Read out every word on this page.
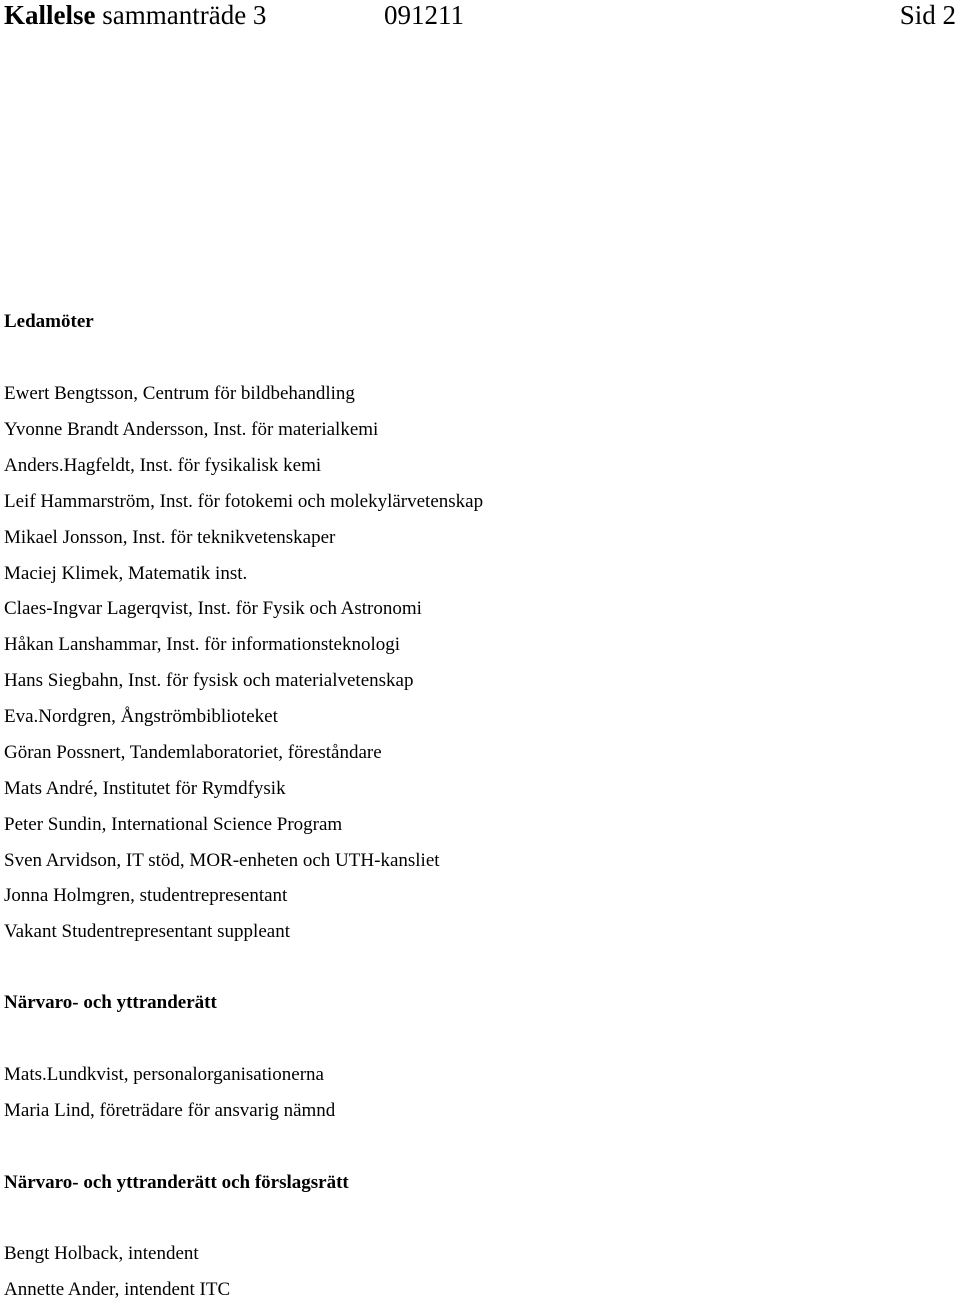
Kallelse sammanträde 3	091211	Sid 2
Ledamöter
Ewert Bengtsson, Centrum för bildbehandling
Yvonne Brandt Andersson, Inst. för materialkemi
Anders.Hagfeldt, Inst. för fysikalisk kemi
Leif Hammarström, Inst. för fotokemi och molekylärvetenskap
Mikael Jonsson, Inst. för teknikvetenskaper
Maciej Klimek, Matematik inst.
Claes-Ingvar Lagerqvist, Inst. för Fysik och Astronomi
Håkan Lanshammar, Inst. för informationsteknologi
Hans Siegbahn, Inst. för fysisk och materialvetenskap
Eva.Nordgren, Ångströmbiblioteket
Göran Possnert, Tandemlaboratoriet, föreståndare
Mats André, Institutet för Rymdfysik
Peter Sundin, International Science Program
Sven Arvidson, IT stöd, MOR-enheten och UTH-kansliet
Jonna Holmgren, studentrepresentant
Vakant Studentrepresentant suppleant
Närvaro- och yttranderätt
Mats.Lundkvist, personalorganisationerna
Maria Lind, företrädare för ansvarig nämnd
Närvaro- och yttranderätt och förslagsrätt
Bengt Holback, intendent
Annette Ander, intendent ITC
